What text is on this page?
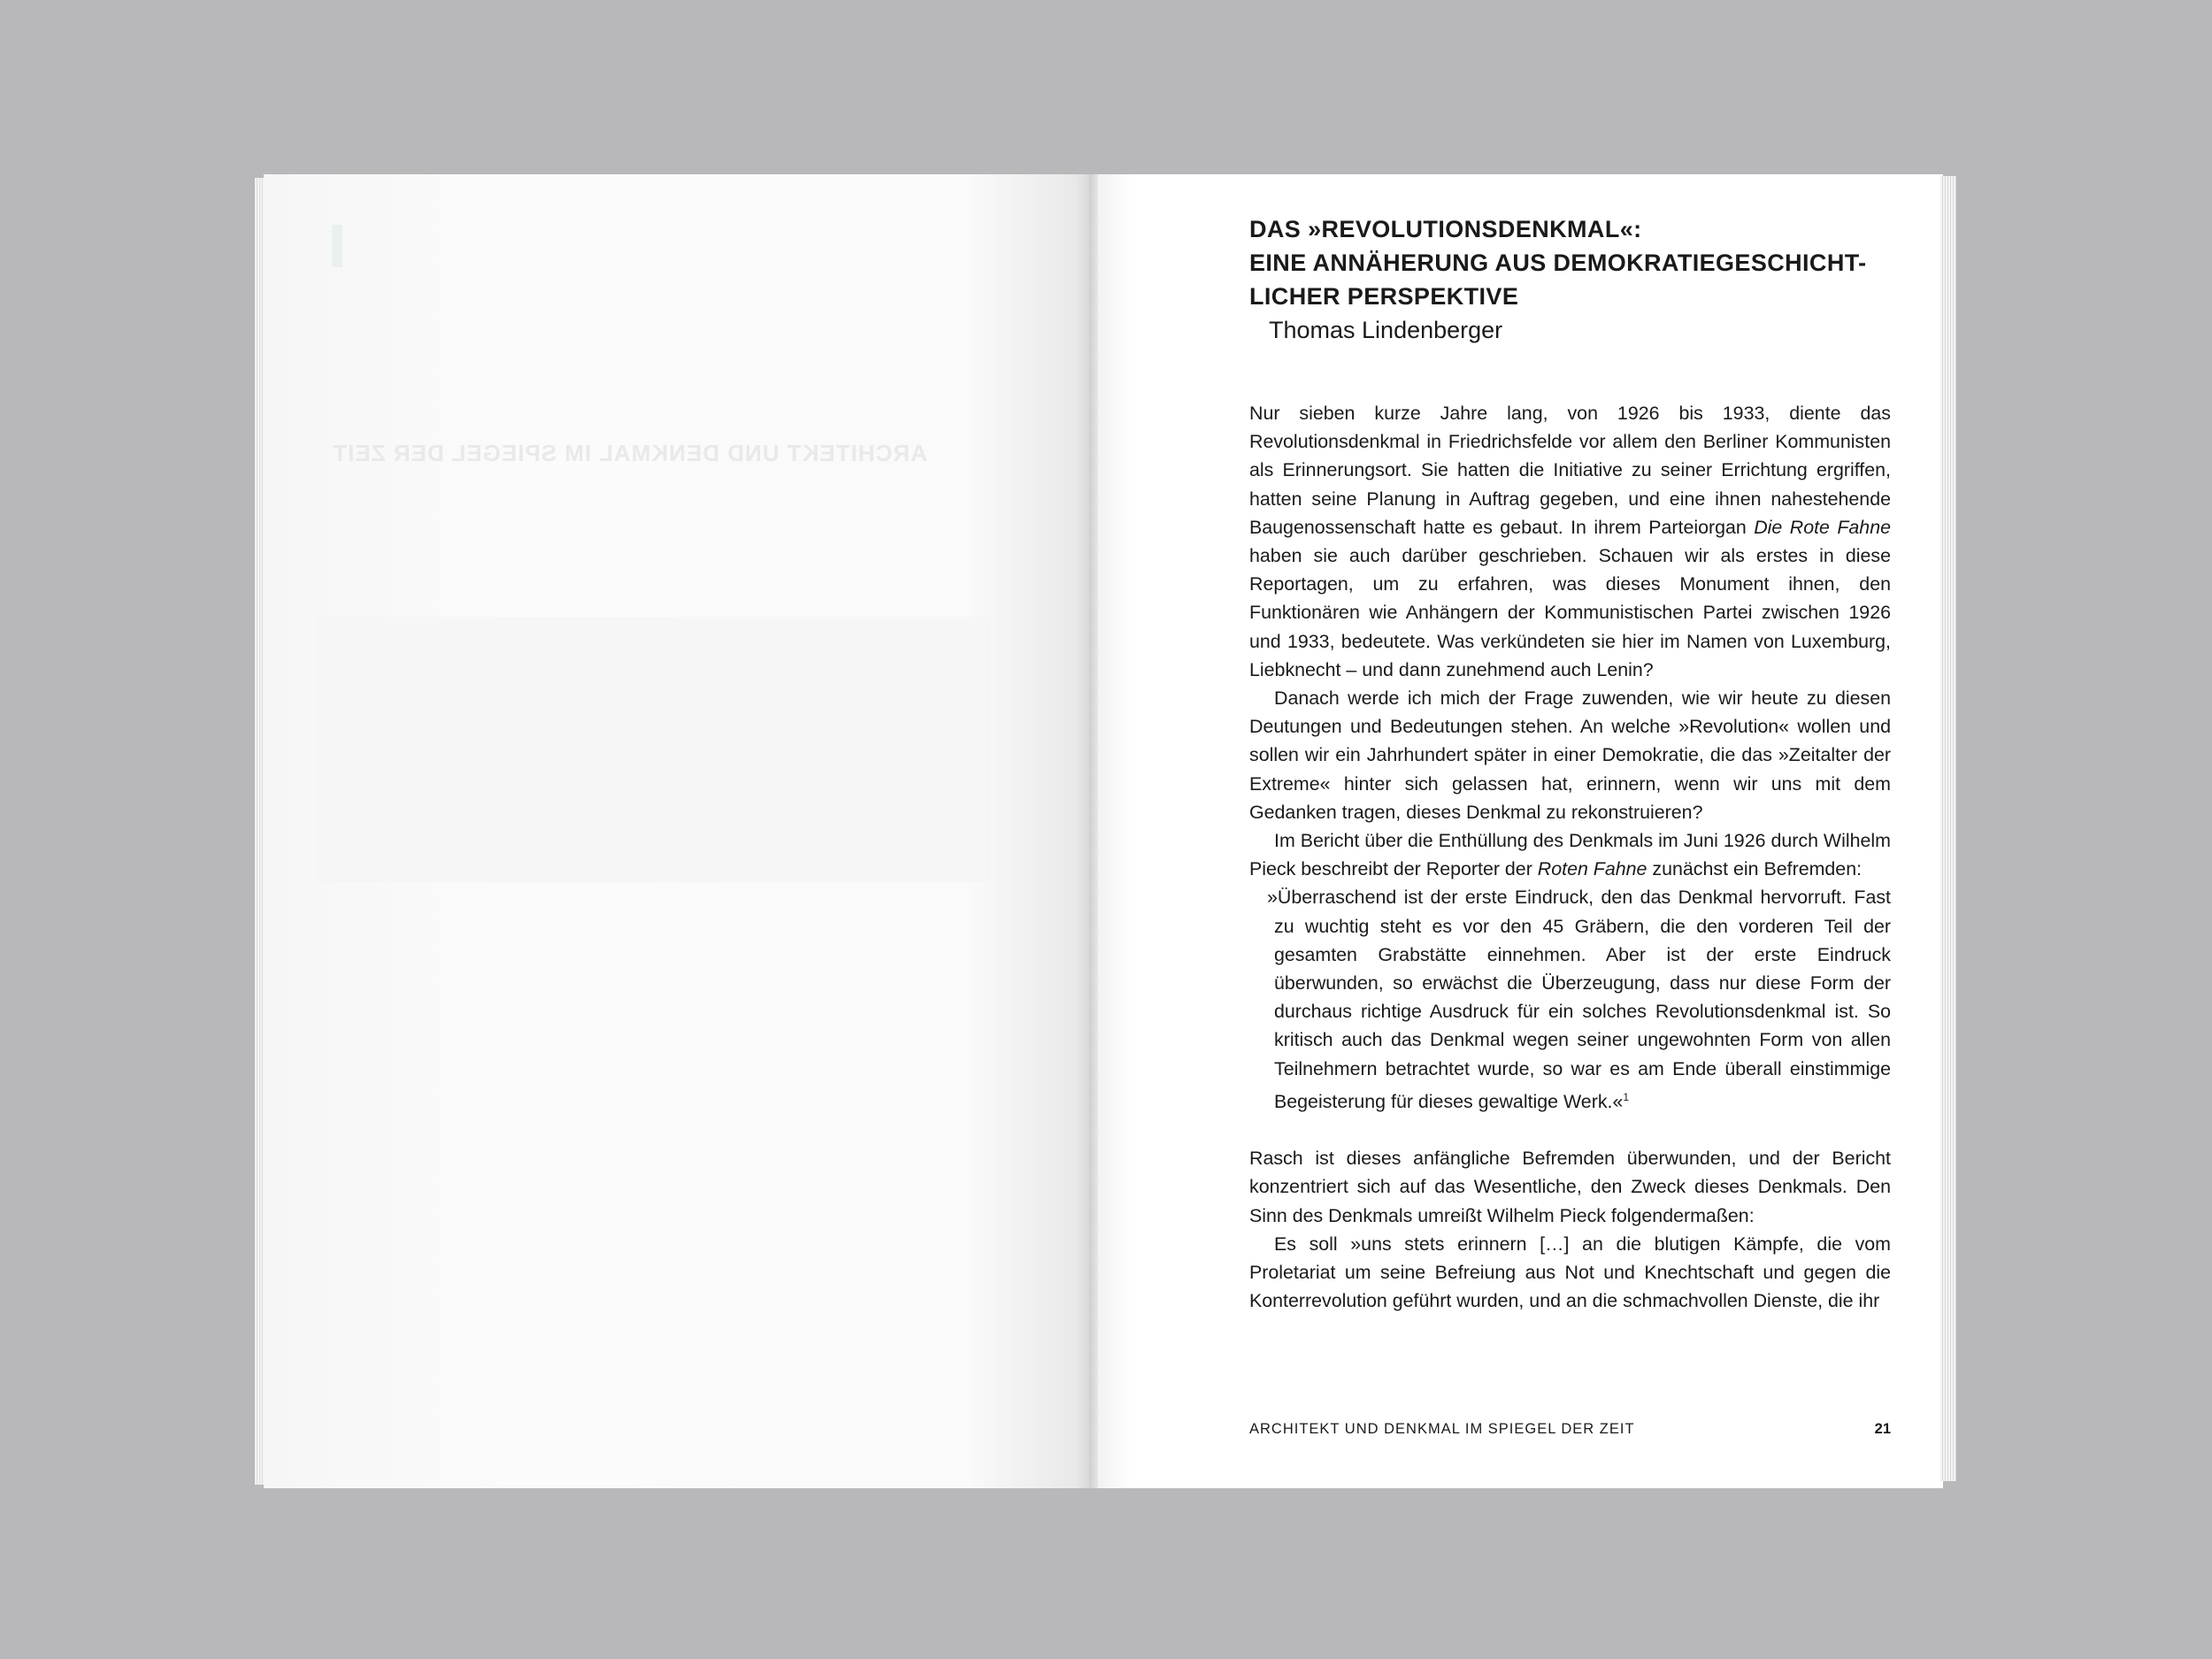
ARCHITEKT UND DENKMAL IM SPIEGEL DER ZEIT
DAS »REVOLUTIONSDENKMAL«:
EINE ANNÄHERUNG AUS DEMOKRATIEGESCHICHT-
LICHER PERSPEKTIVE
Thomas Lindenberger

Nur sieben kurze Jahre lang, von 1926 bis 1933, diente das Revolutionsdenkmal in Friedrichsfelde vor allem den Berliner Kommunisten als Erinnerungsort. Sie hatten die Initiative zu seiner Errichtung ergriffen, hatten seine Planung in Auftrag gegeben, und eine ihnen nahestehende Baugenossenschaft hatte es gebaut. In ihrem Parteiorgan Die Rote Fahne haben sie auch darüber geschrieben. Schauen wir als erstes in diese Reportagen, um zu erfahren, was dieses Monument ihnen, den Funktionären wie Anhängern der Kommunistischen Partei zwischen 1926 und 1933, bedeutete. Was verkündeten sie hier im Namen von Luxemburg, Liebknecht – und dann zunehmend auch Lenin?

Danach werde ich mich der Frage zuwenden, wie wir heute zu diesen Deutungen und Bedeutungen stehen. An welche »Revolution« wollen und sollen wir ein Jahrhundert später in einer Demokratie, die das »Zeitalter der Extreme« hinter sich gelassen hat, erinnern, wenn wir uns mit dem Gedanken tragen, dieses Denkmal zu rekonstruieren?

Im Bericht über die Enthüllung des Denkmals im Juni 1926 durch Wilhelm Pieck beschreibt der Reporter der Roten Fahne zunächst ein Befremden:

»Überraschend ist der erste Eindruck, den das Denkmal hervorruft. Fast zu wuchtig steht es vor den 45 Gräbern, die den vorderen Teil der gesamten Grabstätte einnehmen. Aber ist der erste Eindruck überwunden, so erwächst die Überzeugung, dass nur diese Form der durchaus richtige Ausdruck für ein solches Revolutionsdenkmal ist. So kritisch auch das Denkmal wegen seiner ungewohnten Form von allen Teilnehmern betrachtet wurde, so war es am Ende überall einstimmige Begeisterung für dieses gewaltige Werk.«$^1$

Rasch ist dieses anfängliche Befremden überwunden, und der Bericht konzentriert sich auf das Wesentliche, den Zweck dieses Denkmals. Den Sinn des Denkmals umreißt Wilhelm Pieck folgendermaßen:

Es soll »uns stets erinnern […] an die blutigen Kämpfe, die vom Proletariat um seine Befreiung aus Not und Knechtschaft und gegen die Konterrevolution geführt wurden, und an die schmachvollen Dienste, die ihr

ARCHITEKT UND DENKMAL IM SPIEGEL DER ZEIT	21
